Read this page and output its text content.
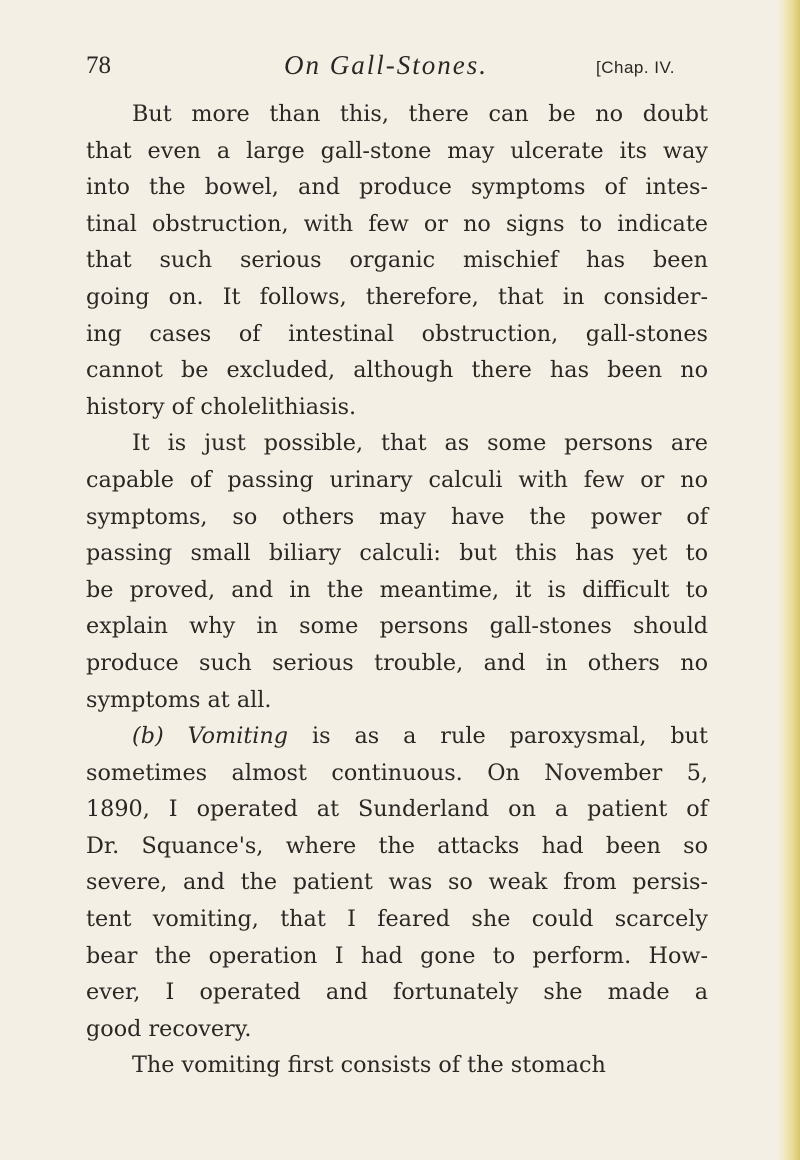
78	On Gall-Stones.	[Chap. IV.

But more than this, there can be no doubt
that even a large gall-stone may ulcerate its way
into the bowel, and produce symptoms of intes-
tinal obstruction, with few or no signs to indicate
that such serious organic mischief has been
going on. It follows, therefore, that in consider-
ing cases of intestinal obstruction, gall-stones
cannot be excluded, although there has been no
history of cholelithiasis.

It is just possible, that as some persons are
capable of passing urinary calculi with few or no
symptoms, so others may have the power of
passing small biliary calculi: but this has yet to
be proved, and in the meantime, it is difficult to
explain why in some persons gall-stones should
produce such serious trouble, and in others no
symptoms at all.

(b) Vomiting is as a rule paroxysmal, but
sometimes almost continuous. On November 5,
1890, I operated at Sunderland on a patient of
Dr. Squance's, where the attacks had been so
severe, and the patient was so weak from persis-
tent vomiting, that I feared she could scarcely
bear the operation I had gone to perform. How-
ever, I operated and fortunately she made a
good recovery.

The vomiting first consists of the stomach
